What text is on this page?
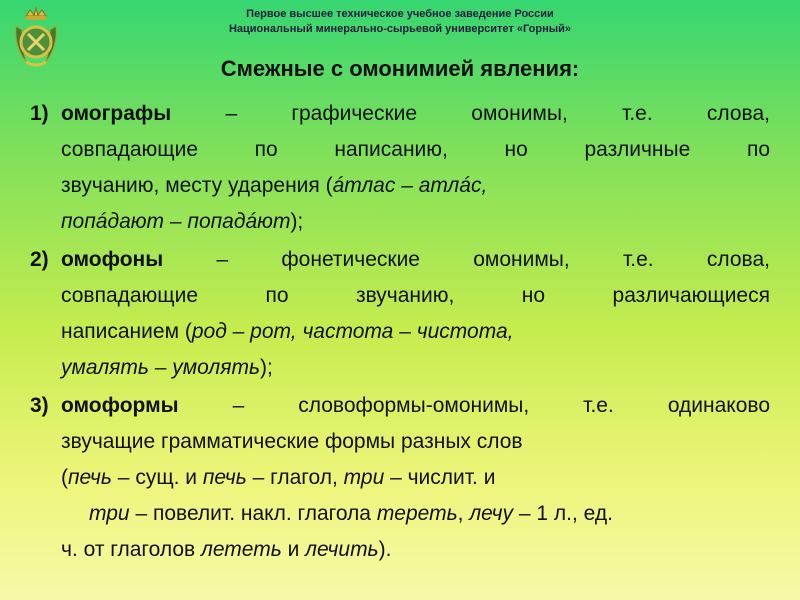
Первое высшее техническое учебное заведение России
Национальный минерально-сырьевой университет «Горный»
Смежные с омонимией явления:
1) омографы	– графические омонимы, т.е. слова,
совпадающие по написанию, но различные по
звучанию, месту ударения (áтлас – атлáс,
попáдают – попадáют);
2) омофоны	– фонетические омонимы, т.е. слова,
совпадающие по звучанию, но различающиеся
написанием (род – рот, частота – чистота,
умалять – умолять);
3) омоформы	– словоформы-омонимы, т.е. одинаково
звучащие грамматические формы разных слов
(печь – сущ. и печь – глагол, три – числит. и
три – повелит. накл. глагола тереть, лечу – 1 л., ед.
ч. от глаголов лететь и лечить).
